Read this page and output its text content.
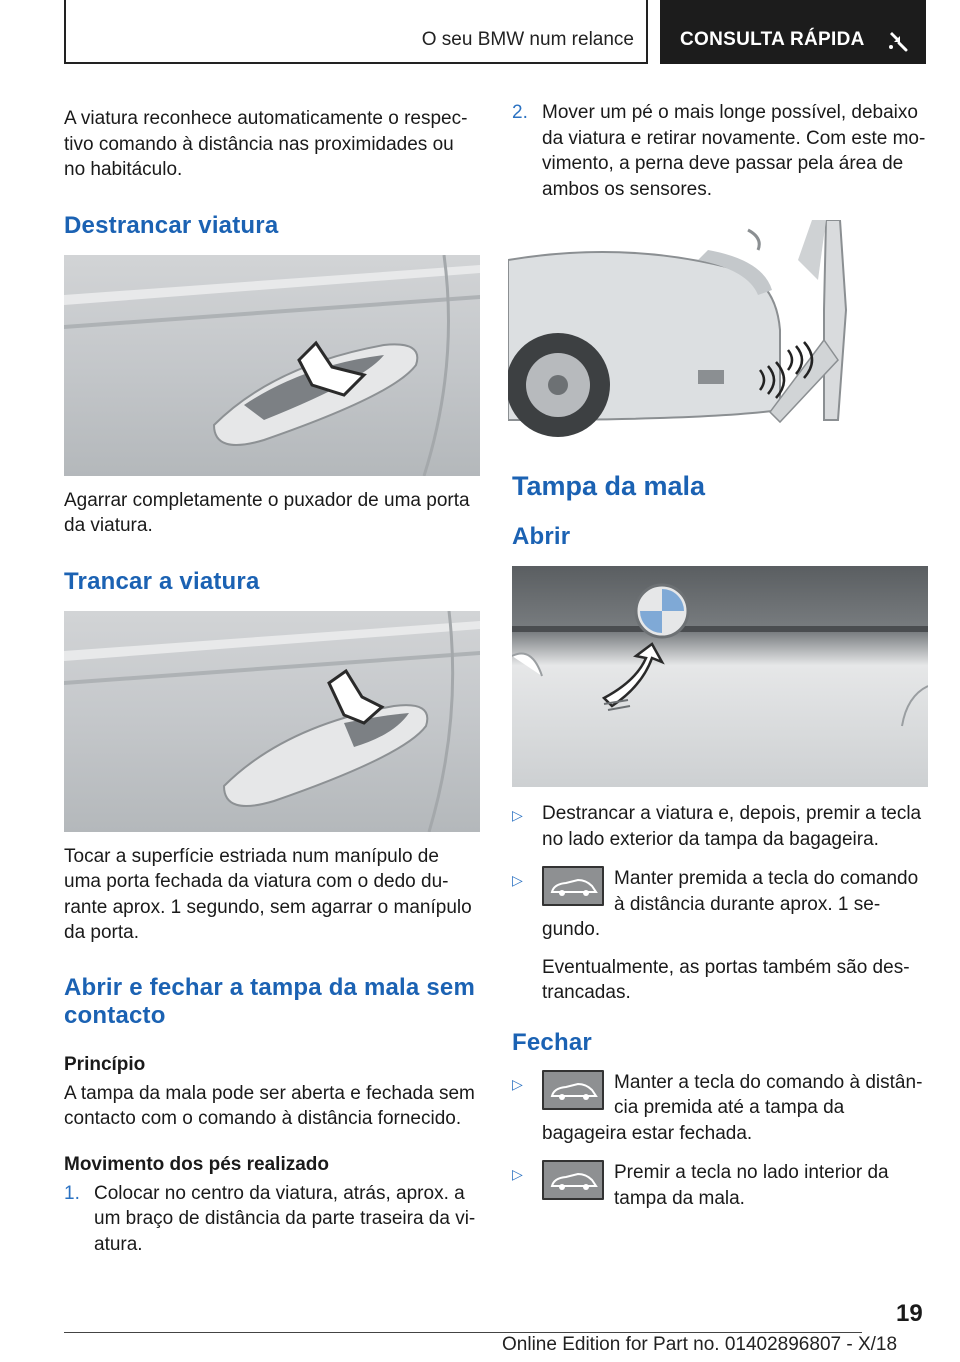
O seu BMW num relance CONSULTA RÁPIDA

A viatura reconhece automaticamente o respec-tivo comando à distância nas proximidades ou no habitáculo.

Destrancar viatura

Agarrar completamente o puxador de uma porta da viatura.

Trancar a viatura

Tocar a superfície estriada num manípulo de uma porta fechada da viatura com o dedo du-rante aprox. 1 segundo, sem agarrar o manípulo da porta.

Abrir e fechar a tampa da mala sem contacto
Princípio

A tampa da mala pode ser aberta e fechada sem contacto com o comando à distância fornecido.

Movimento dos pés realizado
1. Colocar no centro da viatura, atrás, aprox. a um braço de distância da parte traseira da vi-atura.
2. Mover um pé o mais longe possível, debaixo da viatura e retirar novamente. Com este mo-vimento, a perna deve passar pela área de ambos os sensores.
Tampa da mala
Abrir
▷	Destrancar a viatura e, depois, premir a tecla no lado exterior da tampa da bagageira.
▷	Manter premida a tecla do comando à distância durante aprox. 1 se-gundo.

Eventualmente, as portas também são des-trancadas.

Fechar
▷	Manter a tecla do comando à distân-cia premida até a tampa da bagageira estar fechada.
▷	Premir a tecla no lado interior da tampa da mala.
19
Online Edition for Part no. 01402896807 - X/18
